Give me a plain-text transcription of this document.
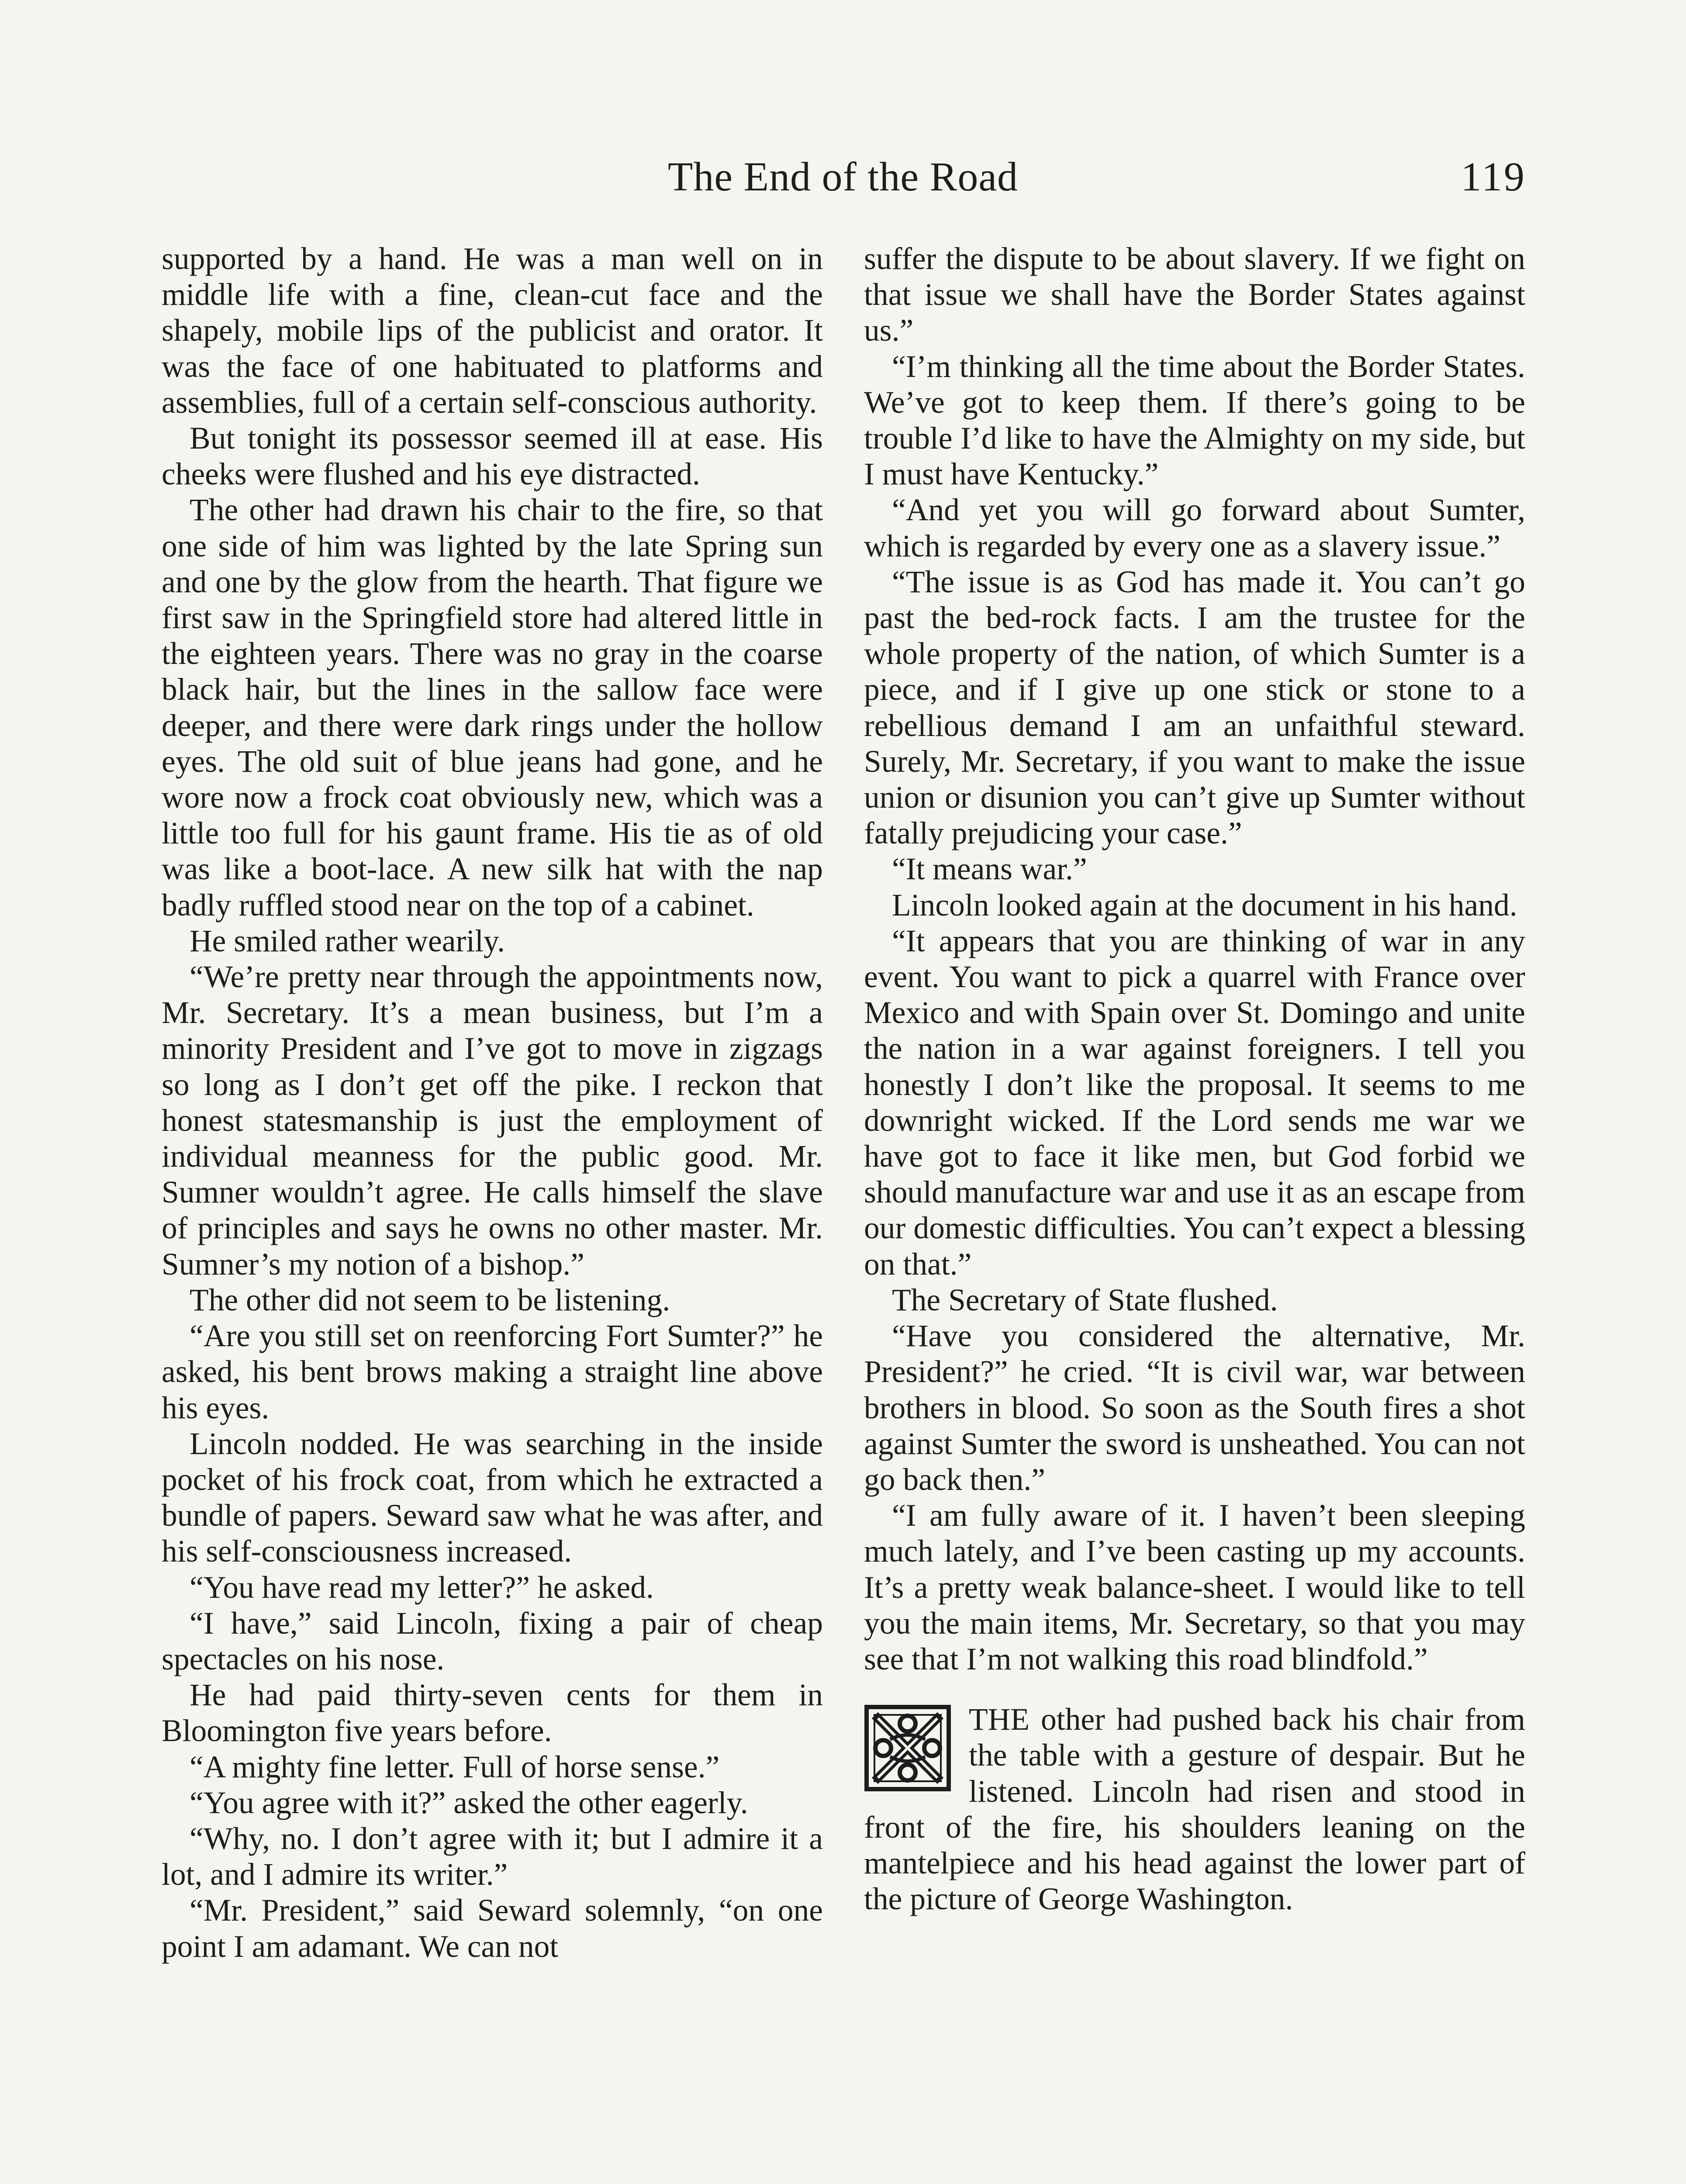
The End of the Road	119

supported by a hand. He was a man well on in middle life with a fine, clean-cut face and the shapely, mobile lips of the publicist and orator. It was the face of one habituated to platforms and assemblies, full of a certain self-conscious authority.

But tonight its possessor seemed ill at ease. His cheeks were flushed and his eye distracted.

The other had drawn his chair to the fire, so that one side of him was lighted by the late Spring sun and one by the glow from the hearth. That figure we first saw in the Springfield store had altered little in the eighteen years. There was no gray in the coarse black hair, but the lines in the sallow face were deeper, and there were dark rings under the hollow eyes. The old suit of blue jeans had gone, and he wore now a frock coat obviously new, which was a little too full for his gaunt frame. His tie as of old was like a boot-lace. A new silk hat with the nap badly ruffled stood near on the top of a cabinet.

He smiled rather wearily.

“We’re pretty near through the appointments now, Mr. Secretary. It’s a mean business, but I’m a minority President and I’ve got to move in zigzags so long as I don’t get off the pike. I reckon that honest statesmanship is just the employment of individual meanness for the public good. Mr. Sumner wouldn’t agree. He calls himself the slave of principles and says he owns no other master. Mr. Sumner’s my notion of a bishop.”

The other did not seem to be listening.

“Are you still set on reenforcing Fort Sumter?” he asked, his bent brows making a straight line above his eyes.

Lincoln nodded. He was searching in the inside pocket of his frock coat, from which he extracted a bundle of papers. Seward saw what he was after, and his self-consciousness increased.

“You have read my letter?” he asked.

“I have,” said Lincoln, fixing a pair of cheap spectacles on his nose.

He had paid thirty-seven cents for them in Bloomington five years before.

“A mighty fine letter. Full of horse sense.”

“You agree with it?” asked the other eagerly.

“Why, no. I don’t agree with it; but I admire it a lot, and I admire its writer.”

“Mr. President,” said Seward solemnly, “on one point I am adamant. We can not

suffer the dispute to be about slavery. If we fight on that issue we shall have the Border States against us.”

“I’m thinking all the time about the Border States. We’ve got to keep them. If there’s going to be trouble I’d like to have the Almighty on my side, but I must have Kentucky.”

“And yet you will go forward about Sumter, which is regarded by every one as a slavery issue.”

“The issue is as God has made it. You can’t go past the bed-rock facts. I am the trustee for the whole property of the nation, of which Sumter is a piece, and if I give up one stick or stone to a rebellious demand I am an unfaithful steward. Surely, Mr. Secretary, if you want to make the issue union or disunion you can’t give up Sumter without fatally prejudicing your case.”

“It means war.”

Lincoln looked again at the document in his hand.

“It appears that you are thinking of war in any event. You want to pick a quarrel with France over Mexico and with Spain over St. Domingo and unite the nation in a war against foreigners. I tell you honestly I don’t like the proposal. It seems to me downright wicked. If the Lord sends me war we have got to face it like men, but God forbid we should manufacture war and use it as an escape from our domestic difficulties. You can’t expect a blessing on that.”

The Secretary of State flushed.

“Have you considered the alternative, Mr. President?” he cried. “It is civil war, war between brothers in blood. So soon as the South fires a shot against Sumter the sword is unsheathed. You can not go back then.”

“I am fully aware of it. I haven’t been sleeping much lately, and I’ve been casting up my accounts. It’s a pretty weak balance-sheet. I would like to tell you the main items, Mr. Secretary, so that you may see that I’m not walking this road blindfold.”

THE other had pushed back his chair from the table with a gesture of despair. But he listened. Lincoln had risen and stood in front of the fire, his shoulders leaning on the mantelpiece and his head against the lower part of the picture of George Washington.
